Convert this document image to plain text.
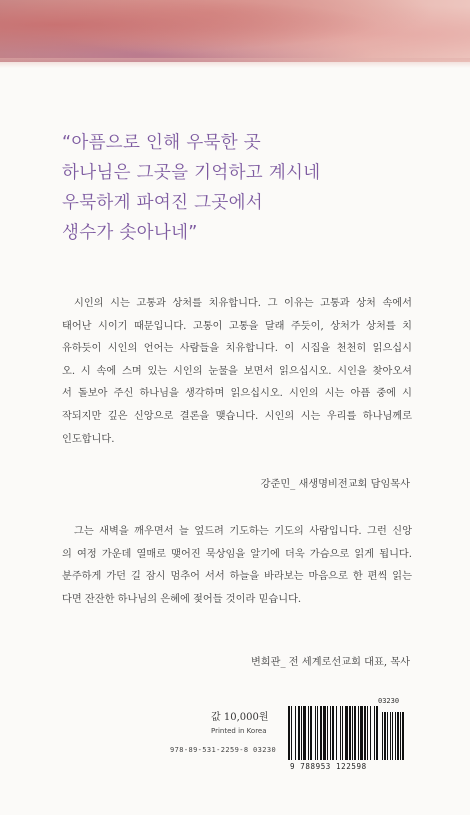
“아픔으로 인해 우묵한 곳
하나님은 그곳을 기억하고 계시네
우묵하게 파여진 그곳에서
생수가 솟아나네”
시인의 시는 고통과 상처를 치유합니다. 그 이유는 고통과 상처 속에서
태어난 시이기 때문입니다. 고통이 고통을 달래 주듯이, 상처가 상처를 치
유하듯이 시인의 언어는 사람들을 치유합니다. 이 시집을 천천히 읽으십시
오. 시 속에 스며 있는 시인의 눈물을 보면서 읽으십시오. 시인을 찾아오셔
서 돌보아 주신 하나님을 생각하며 읽으십시오. 시인의 시는 아픔 중에 시
작되지만 깊은 신앙으로 결론을 맺습니다. 시인의 시는 우리를 하나님께로
인도합니다.
강준민_ 새생명비전교회 담임목사
그는 새벽을 깨우면서 늘 엎드려 기도하는 기도의 사람입니다. 그런 신앙
의 여정 가운데 열매로 맺어진 묵상임을 알기에 더욱 가슴으로 읽게 됩니다.
분주하게 가던 길 잠시 멈추어 서서 하늘을 바라보는 마음으로 한 편씩 읽는
다면 잔잔한 하나님의 은혜에 젖어들 것이라 믿습니다.
변희관_ 전 세계로선교회 대표, 목사
값 10,000원
Printed in Korea
978-89-531-2259-8 03230
03230
9 788953 122598
